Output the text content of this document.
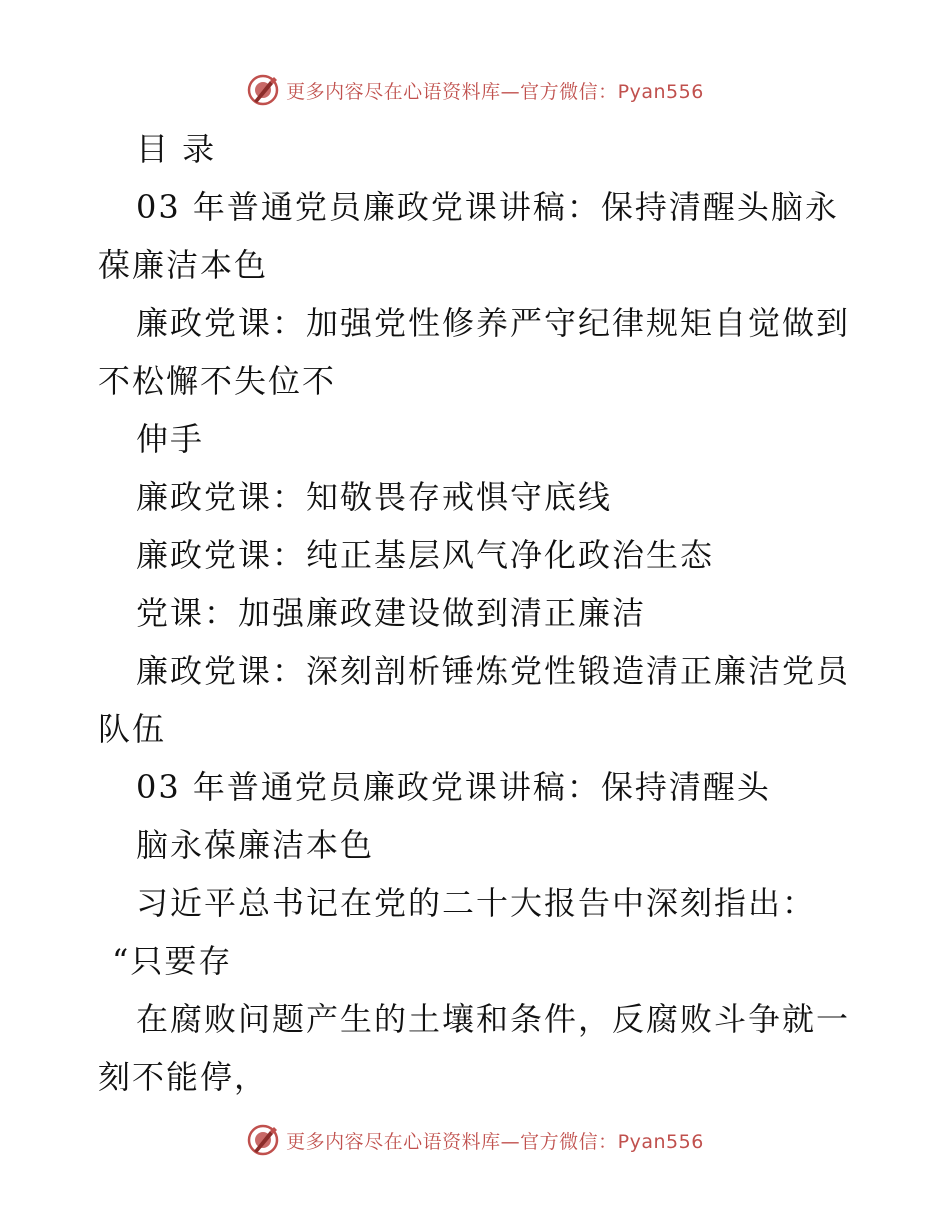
更多内容尽在心语资料库—官方微信：Pyan556
目 录
03 年普通党员廉政党课讲稿：保持清醒头脑永
葆廉洁本色
廉政党课：加强党性修养严守纪律规矩自觉做到
不松懈不失位不
伸手
廉政党课：知敬畏存戒惧守底线
廉政党课：纯正基层风气净化政治生态
党课：加强廉政建设做到清正廉洁
廉政党课：深刻剖析锤炼党性锻造清正廉洁党员
队伍
03 年普通党员廉政党课讲稿：保持清醒头
脑永葆廉洁本色
习近平总书记在党的二十大报告中深刻指出：
“只要存
在腐败问题产生的土壤和条件，反腐败斗争就一
刻不能停，
更多内容尽在心语资料库—官方微信：Pyan556
